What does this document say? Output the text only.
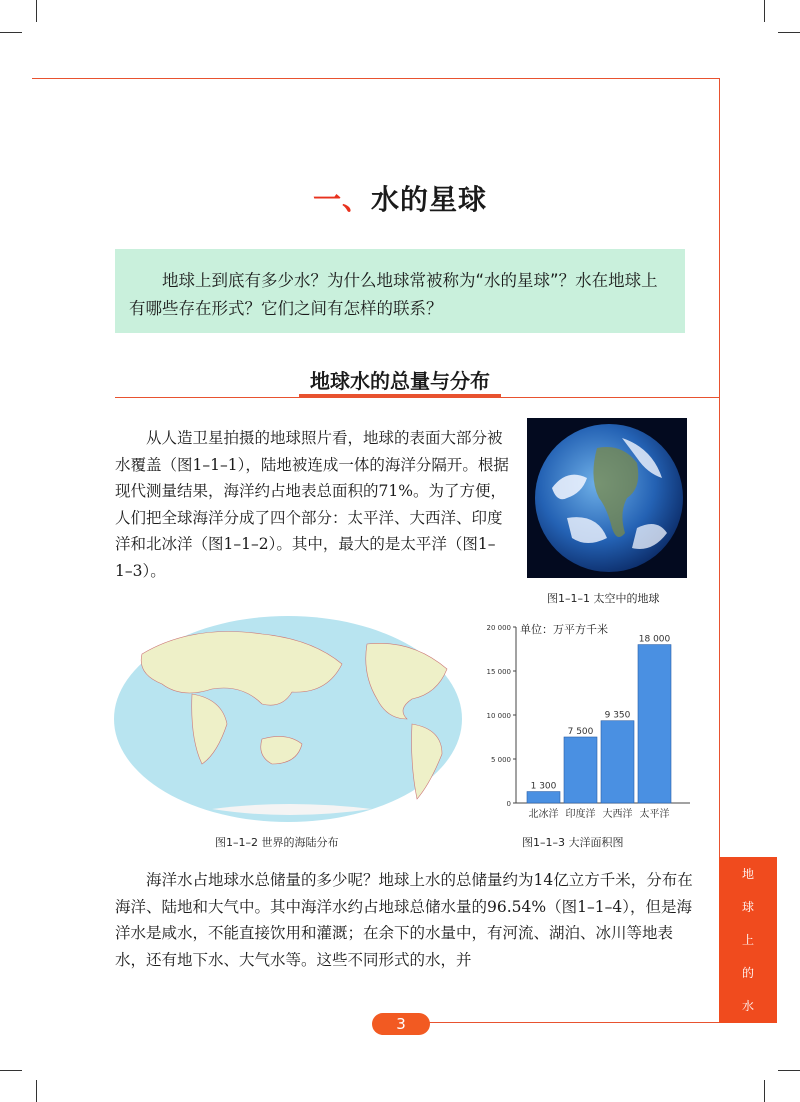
一、水的星球
地球上到底有多少水？为什么地球常被称为“水的星球”？水在地球上有哪些存在形式？它们之间有怎样的联系？
地球水的总量与分布
从人造卫星拍摄的地球照片看，地球的表面大部分被水覆盖（图1–1–1），陆地被连成一体的海洋分隔开。根据现代测量结果，海洋约占地表总面积的71%。为了方便，人们把全球海洋分成了四个部分：太平洋、大西洋、印度洋和北冰洋（图1–1–2）。其中，最大的是太平洋（图1–1–3）。
图1–1–1 太空中的地球
图1–1–2 世界的海陆分布
单位：万平方千米
0
5 000
10 000
15 000
20 000
1 300
北冰洋
7 500
印度洋
9 350
大西洋
18 000
太平洋
图1–1–3 大洋面积图
海洋水占地球水总储量的多少呢？地球上水的总储量约为14亿立方千米，分布在海洋、陆地和大气中。其中海洋水约占地球总储水量的96.54%（图1–1–4），但是海洋水是咸水，不能直接饮用和灌溉；在余下的水量中，有河流、湖泊、冰川等地表水，还有地下水、大气水等。这些不同形式的水，并
地
球
上
的
水
3
